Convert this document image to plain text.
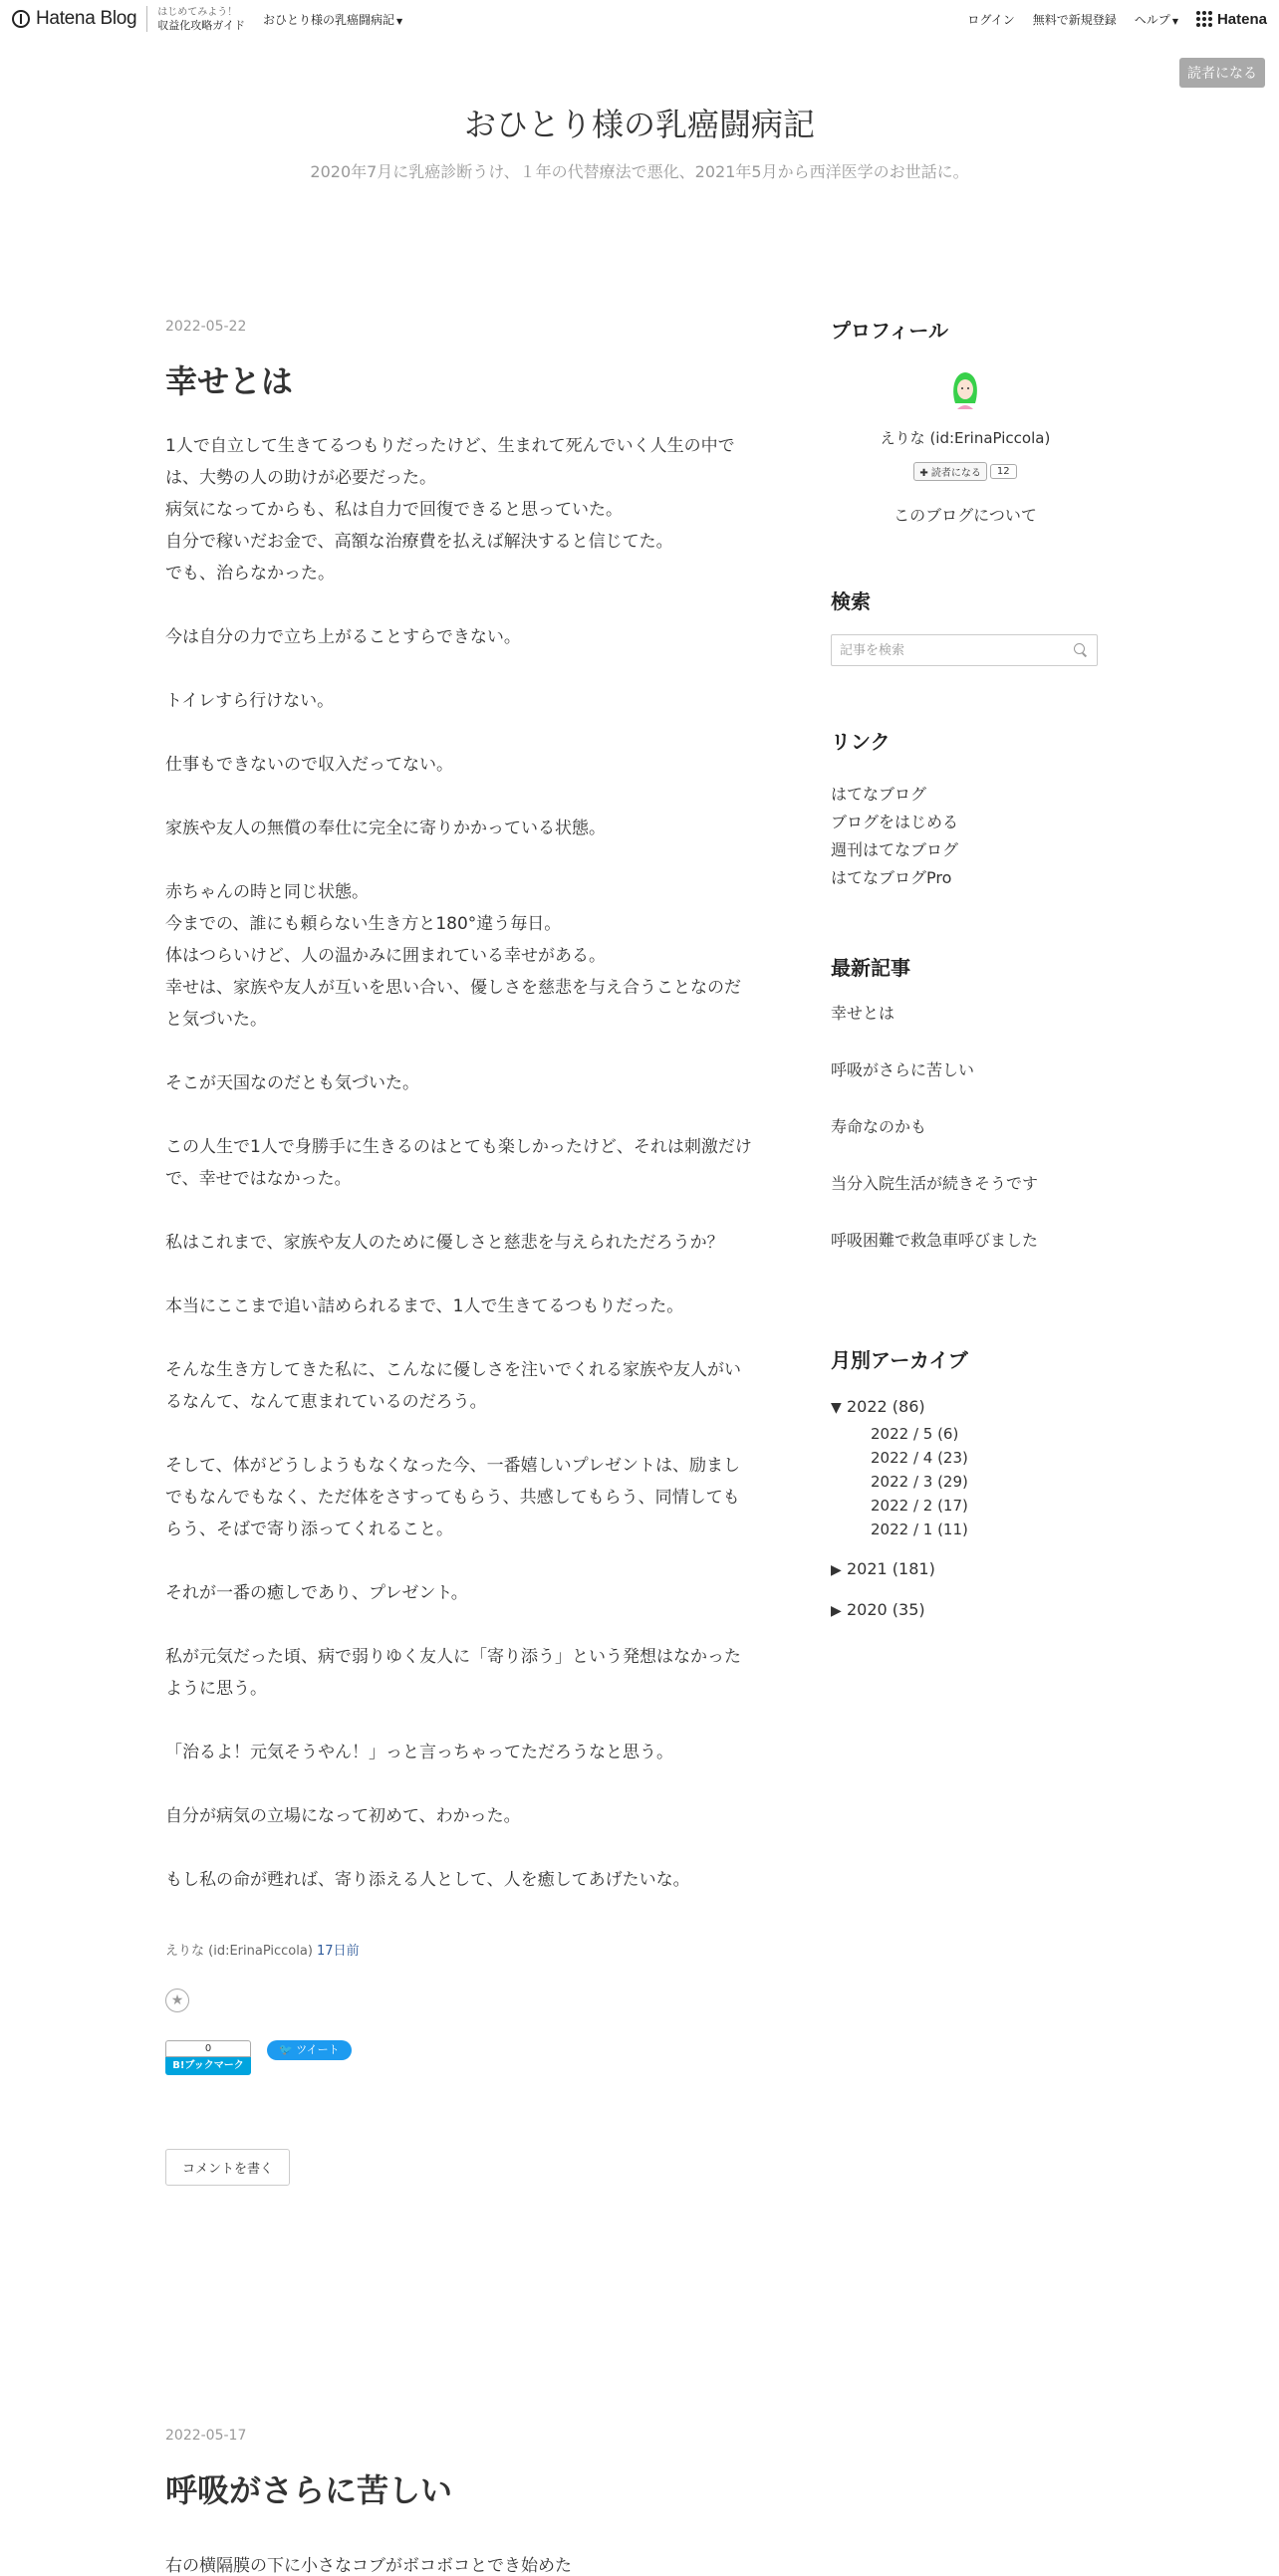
Hatena Blog はじめてみよう！
収益化攻略ガイド おひとり様の乳癌闘病記 ▼	ログイン 無料で新規登録 ヘルプ ▼	Hatena
読者になる
おひとり様の乳癌闘病記
2020年7月に乳癌診断うけ、１年の代替療法で悪化、2021年5月から西洋医学のお世話に。
2022-05-22
幸せとは

1人で自立して生きてるつもりだったけど、生まれて死んでいく人生の中では、大勢の人の助けが必要だった。
病気になってからも、私は自力で回復できると思っていた。
自分で稼いだお金で、高額な治療費を払えば解決すると信じてた。
でも、治らなかった。

今は自分の力で立ち上がることすらできない。

トイレすら行けない。

仕事もできないので収入だってない。

家族や友人の無償の奉仕に完全に寄りかかっている状態。

赤ちゃんの時と同じ状態。
今までの、誰にも頼らない生き方と180°違う毎日。
体はつらいけど、人の温かみに囲まれている幸せがある。
幸せは、家族や友人が互いを思い合い、優しさを慈悲を与え合うことなのだと気づいた。

そこが天国なのだとも気づいた。

この人生で1人で身勝手に生きるのはとても楽しかったけど、それは刺激だけで、幸せではなかった。

私はこれまで、家族や友人のために優しさと慈悲を与えられただろうか？

本当にここまで追い詰められるまで、1人で生きてるつもりだった。

そんな生き方してきた私に、こんなに優しさを注いでくれる家族や友人がいるなんて、なんて恵まれているのだろう。

そして、体がどうしようもなくなった今、一番嬉しいプレゼントは、励ましでもなんでもなく、ただ体をさすってもらう、共感してもらう、同情してもらう、そばで寄り添ってくれること。

それが一番の癒しであり、プレゼント。

私が元気だった頃、病で弱りゆく友人に「寄り添う」という発想はなかったように思う。

「治るよ！元気そうやん！」っと言っちゃってただろうなと思う。

自分が病気の立場になって初めて、わかった。

もし私の命が甦れば、寄り添える人として、人を癒してあげたいな。

えりな (id:ErinaPiccola) 17日前
★
0
B!ブックマーク
🐦 ツイート
コメントを書く
2022-05-17
呼吸がさらに苦しい
右の横隔膜の下に小さなコブがボコボコとでき始めた
プロフィール
えりな (id:ErinaPiccola)
✚ 読者になる	12
このブログについて
検索
記事を検索
リンク
はてなブログ
ブログをはじめる
週刊はてなブログ
はてなブログPro
最新記事
幸せとは
呼吸がさらに苦しい
寿命なのかも
当分入院生活が続きそうです
呼吸困難で救急車呼びました
月別アーカイブ
▼ 2022 (86)
2022 / 5 (6)
2022 / 4 (23)
2022 / 3 (29)
2022 / 2 (17)
2022 / 1 (11)
▶ 2021 (181)
▶ 2020 (35)
